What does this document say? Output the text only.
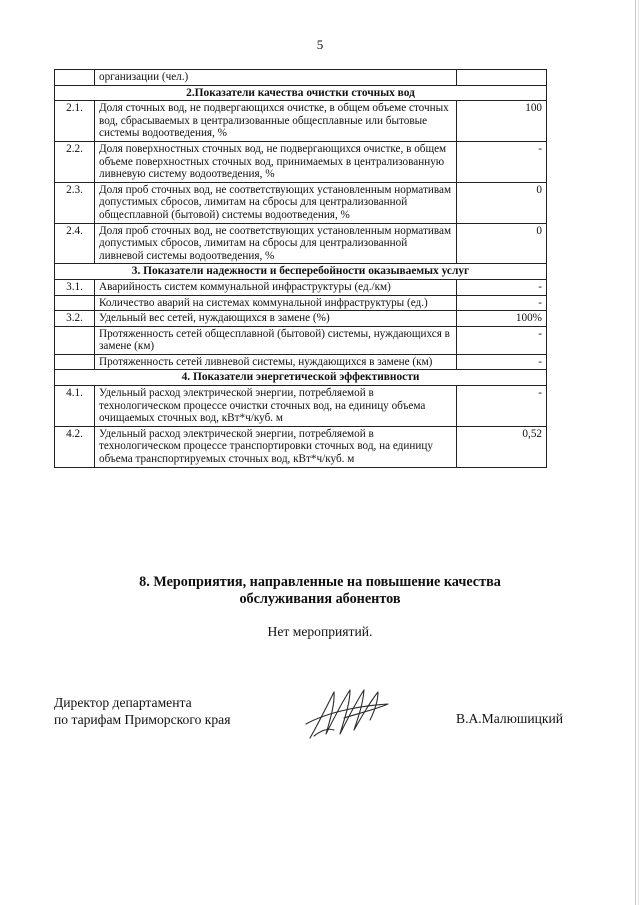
5
	организации (чел.)	
2.Показатели качества очистки сточных вод		
2.1.	Доля сточных вод, не подвергающихся очистке, в общем объеме сточных вод, сбрасываемых в централизованные общесплавные или бытовые системы водоотведения, %	100
2.2.	Доля поверхностных сточных вод, не подвергающихся очистке, в общем объеме поверхностных сточных вод, принимаемых в централизованную ливневую систему водоотведения, %	-
2.3.	Доля проб сточных вод, не соответствующих установленным нормативам допустимых сбросов, лимитам на сбросы для централизованной общесплавной (бытовой) системы водоотведения, %	0
2.4.	Доля проб сточных вод, не соответствующих установленным нормативам допустимых сбросов, лимитам на сбросы для централизованной ливневой системы водоотведения, %	0
3. Показатели надежности и бесперебойности оказываемых услуг		
3.1.	Аварийность систем коммунальной инфраструктуры (ед./км)	-
	Количество аварий на системах коммунальной инфраструктуры (ед.)	-
3.2.	Удельный вес сетей, нуждающихся в замене (%)	100%
	Протяженность сетей общесплавной (бытовой) системы, нуждающихся в замене (км)	-
	Протяженность сетей ливневой системы, нуждающихся в замене (км)	-
4. Показатели энергетической эффективности		
4.1.	Удельный расход электрической энергии, потребляемой в технологическом процессе очистки сточных вод, на единицу объема очищаемых сточных вод, кВт*ч/куб. м	-
4.2.	Удельный расход электрической энергии, потребляемой в технологическом процессе транспортировки сточных вод, на единицу объема транспортируемых сточных вод, кВт*ч/куб. м	0,52
8. Мероприятия, направленные на повышение качества
обслуживания абонентов
Нет мероприятий.
Директор департамента
по тарифам Приморского края	В.А.Малюшицкий
